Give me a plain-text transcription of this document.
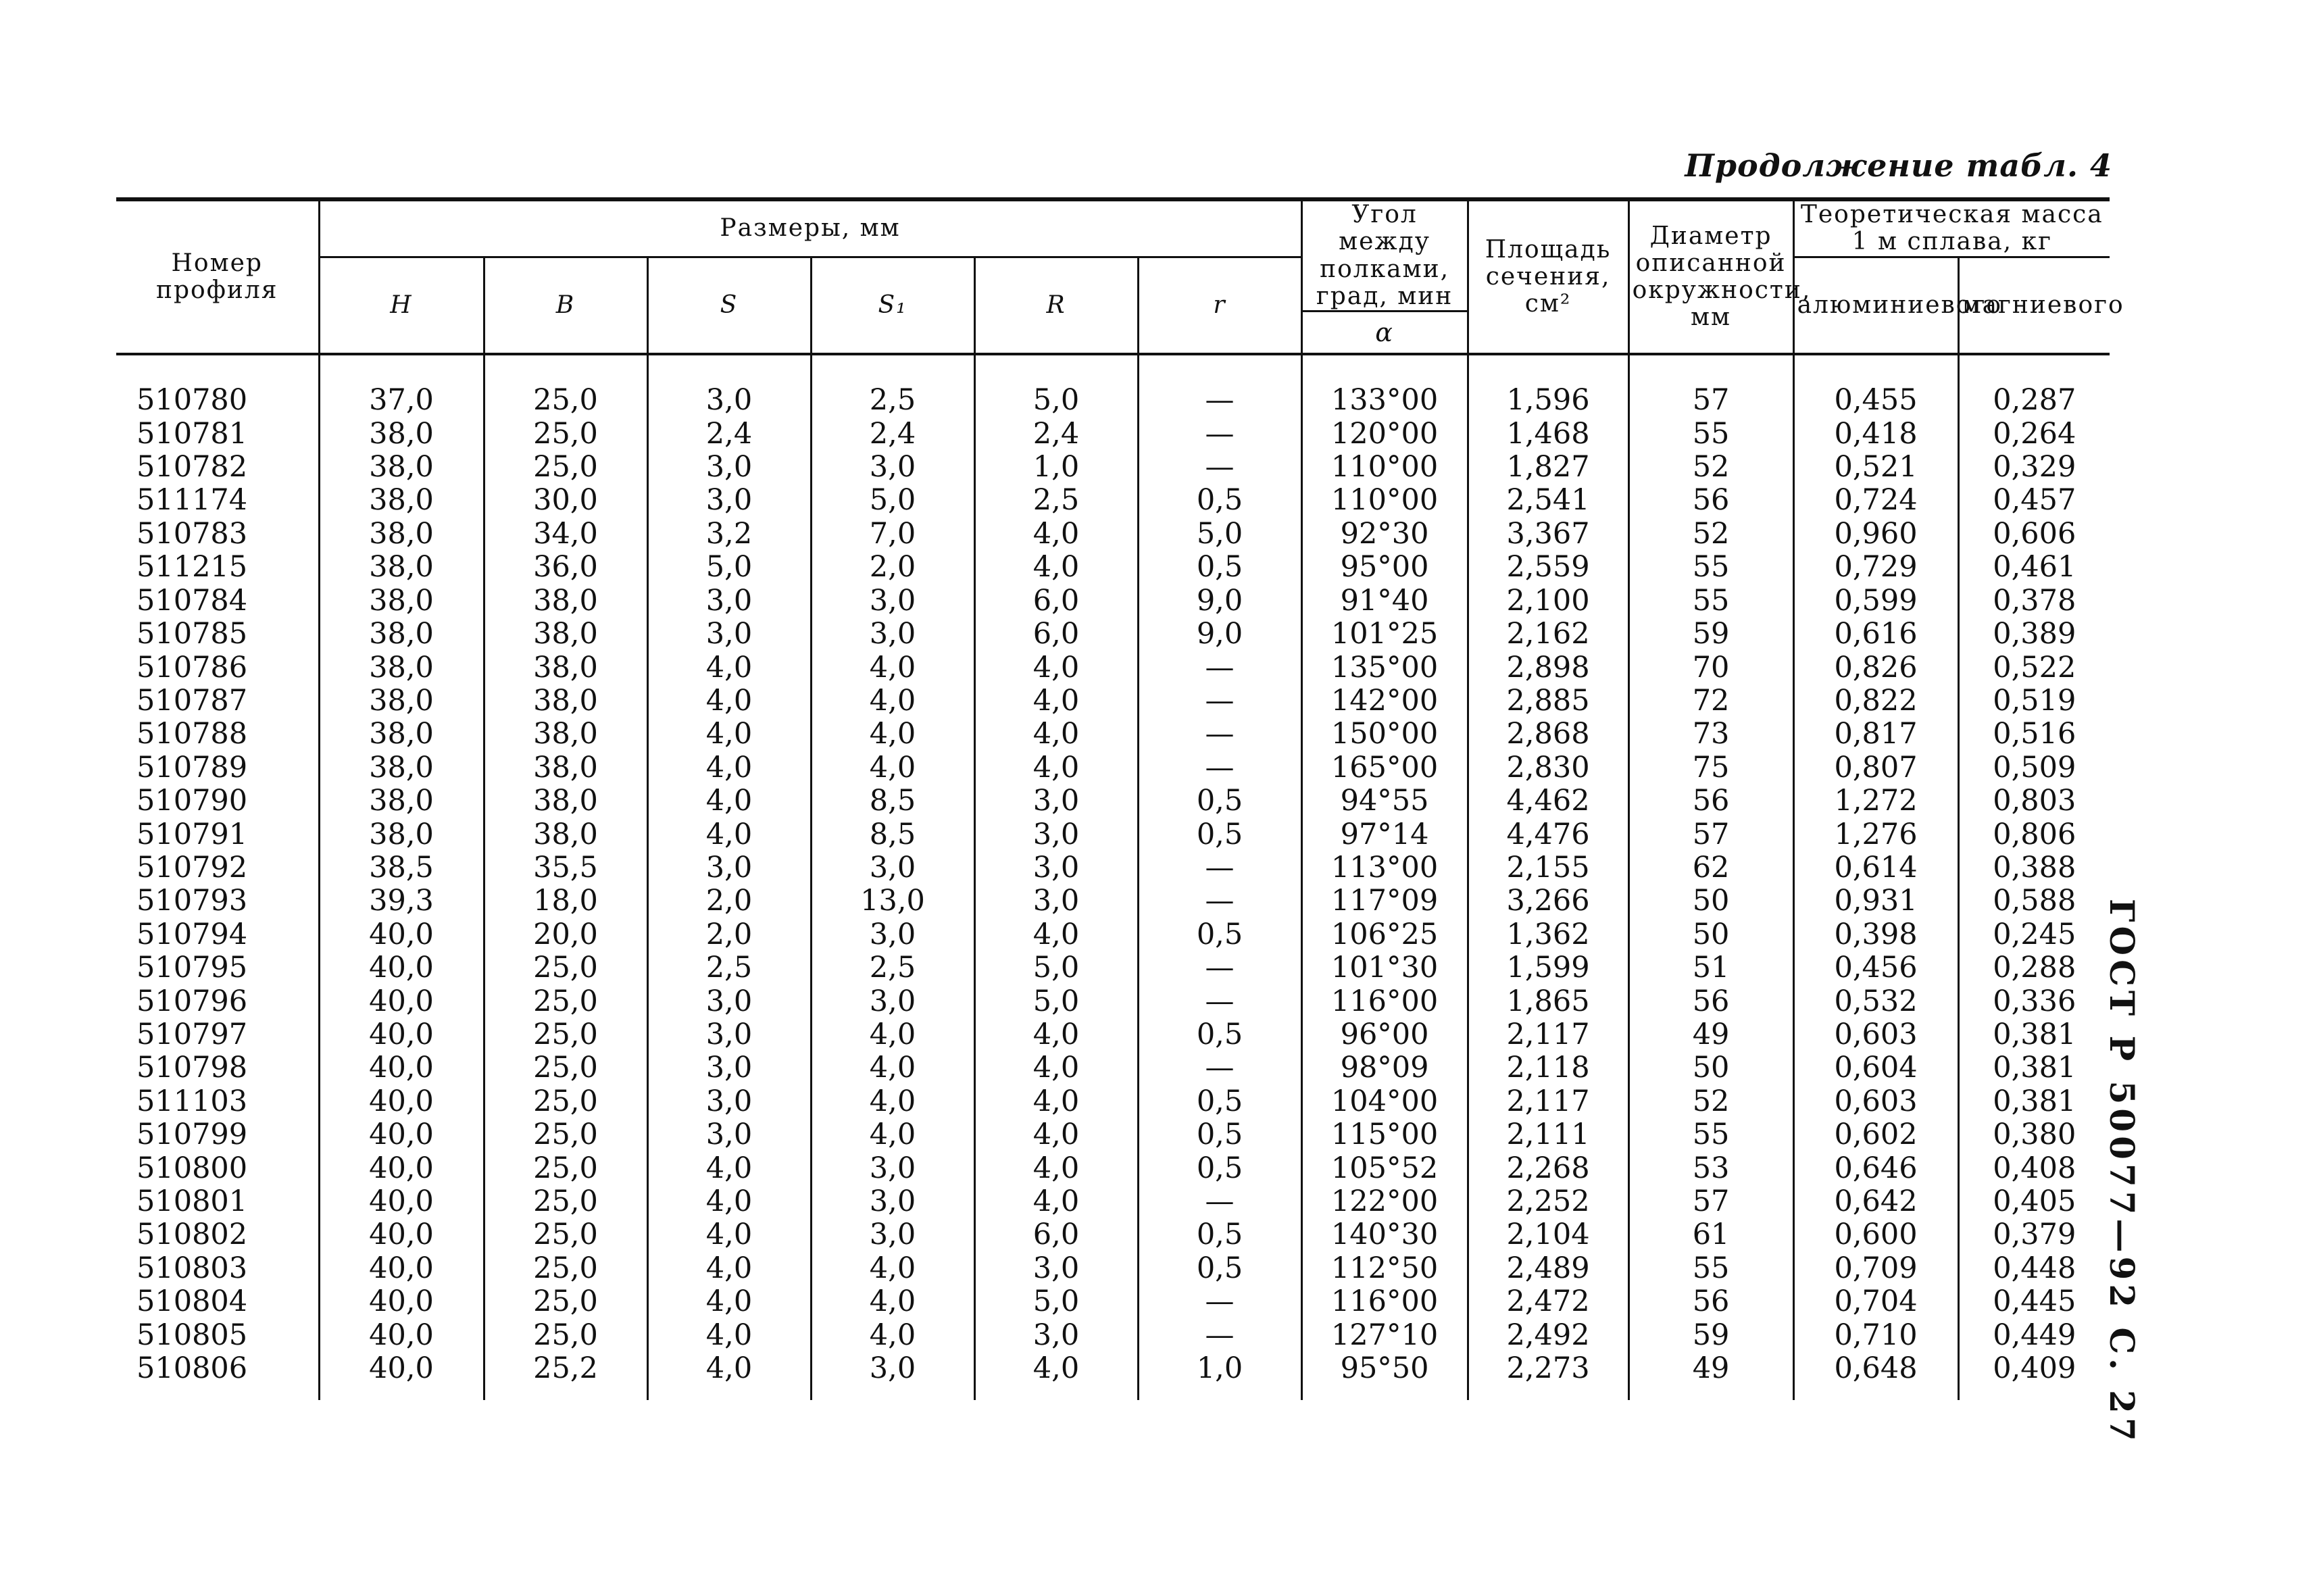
Продолжение табл. 4
ГОСТ Р 50077—92 С. 27
Номер профиля	Размеры, мм						Угол между полками, град, мин	Площадь сечения, см²	Диаметр описанной окружности, мм	Теоретическая масса 1 м сплава, кг	
	H	B	S	S₁	R	r				алюминиевого	магниевого
							α				

510780	37,0	25,0	3,0	2,5	5,0	—	133°00	1,596	57	0,455	0,287
510781	38,0	25,0	2,4	2,4	2,4	—	120°00	1,468	55	0,418	0,264
510782	38,0	25,0	3,0	3,0	1,0	—	110°00	1,827	52	0,521	0,329
511174	38,0	30,0	3,0	5,0	2,5	0,5	110°00	2,541	56	0,724	0,457
510783	38,0	34,0	3,2	7,0	4,0	5,0	92°30	3,367	52	0,960	0,606
511215	38,0	36,0	5,0	2,0	4,0	0,5	95°00	2,559	55	0,729	0,461
510784	38,0	38,0	3,0	3,0	6,0	9,0	91°40	2,100	55	0,599	0,378
510785	38,0	38,0	3,0	3,0	6,0	9,0	101°25	2,162	59	0,616	0,389
510786	38,0	38,0	4,0	4,0	4,0	—	135°00	2,898	70	0,826	0,522
510787	38,0	38,0	4,0	4,0	4,0	—	142°00	2,885	72	0,822	0,519
510788	38,0	38,0	4,0	4,0	4,0	—	150°00	2,868	73	0,817	0,516
510789	38,0	38,0	4,0	4,0	4,0	—	165°00	2,830	75	0,807	0,509
510790	38,0	38,0	4,0	8,5	3,0	0,5	94°55	4,462	56	1,272	0,803
510791	38,0	38,0	4,0	8,5	3,0	0,5	97°14	4,476	57	1,276	0,806
510792	38,5	35,5	3,0	3,0	3,0	—	113°00	2,155	62	0,614	0,388
510793	39,3	18,0	2,0	13,0	3,0	—	117°09	3,266	50	0,931	0,588
510794	40,0	20,0	2,0	3,0	4,0	0,5	106°25	1,362	50	0,398	0,245
510795	40,0	25,0	2,5	2,5	5,0	—	101°30	1,599	51	0,456	0,288
510796	40,0	25,0	3,0	3,0	5,0	—	116°00	1,865	56	0,532	0,336
510797	40,0	25,0	3,0	4,0	4,0	0,5	96°00	2,117	49	0,603	0,381
510798	40,0	25,0	3,0	4,0	4,0	—	98°09	2,118	50	0,604	0,381
511103	40,0	25,0	3,0	4,0	4,0	0,5	104°00	2,117	52	0,603	0,381
510799	40,0	25,0	3,0	4,0	4,0	0,5	115°00	2,111	55	0,602	0,380
510800	40,0	25,0	4,0	3,0	4,0	0,5	105°52	2,268	53	0,646	0,408
510801	40,0	25,0	4,0	3,0	4,0	—	122°00	2,252	57	0,642	0,405
510802	40,0	25,0	4,0	3,0	6,0	0,5	140°30	2,104	61	0,600	0,379
510803	40,0	25,0	4,0	4,0	3,0	0,5	112°50	2,489	55	0,709	0,448
510804	40,0	25,0	4,0	4,0	5,0	—	116°00	2,472	56	0,704	0,445
510805	40,0	25,0	4,0	4,0	3,0	—	127°10	2,492	59	0,710	0,449
510806	40,0	25,2	4,0	3,0	4,0	1,0	95°50	2,273	49	0,648	0,409
